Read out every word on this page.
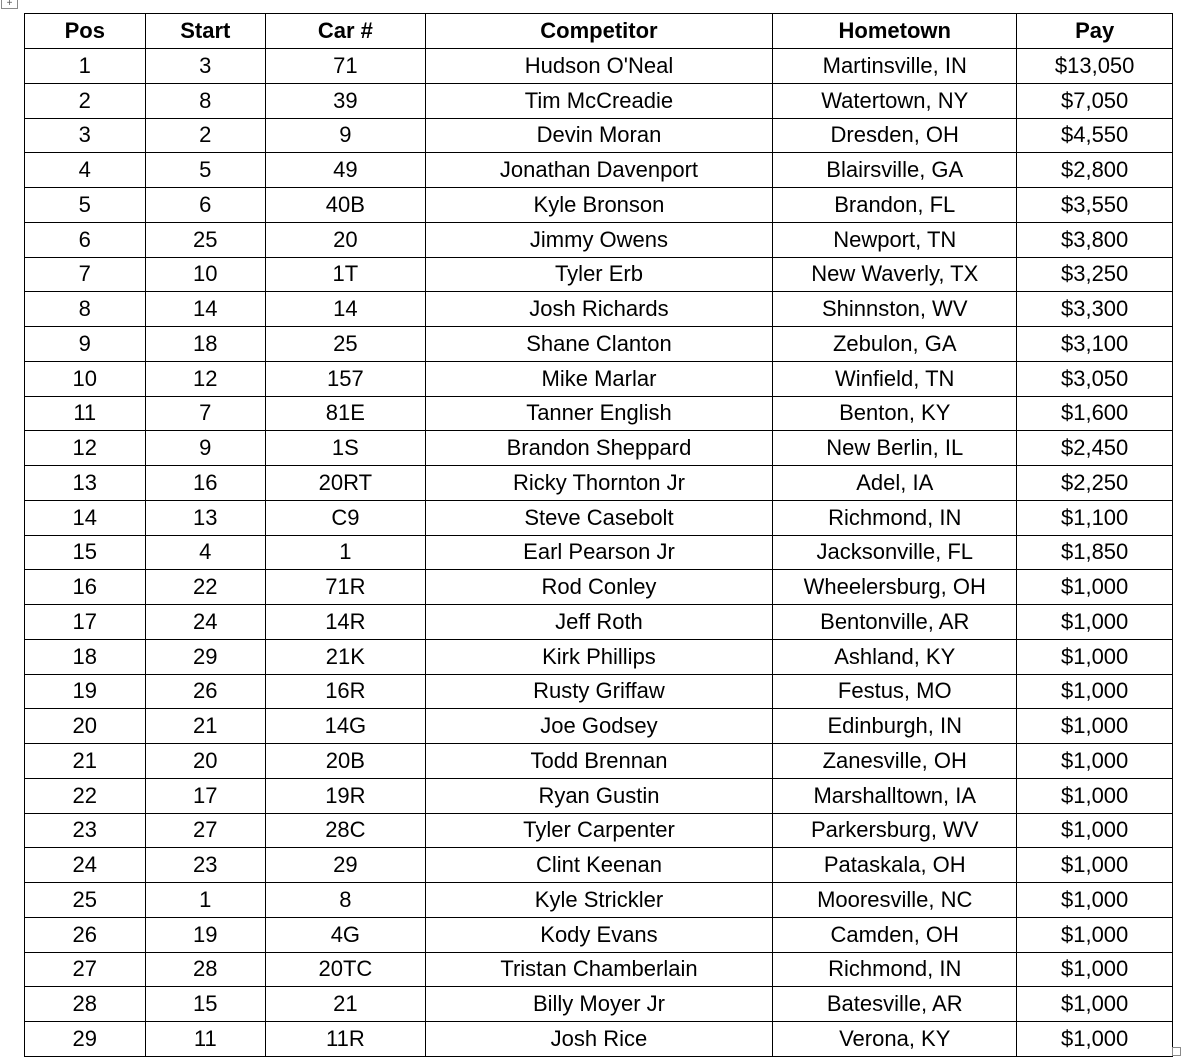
+
Pos	Start	Car #	Competitor	Hometown	Pay
1	3	71	Hudson O'Neal	Martinsville, IN	$13,050
2	8	39	Tim McCreadie	Watertown, NY	$7,050
3	2	9	Devin Moran	Dresden, OH	$4,550
4	5	49	Jonathan Davenport	Blairsville, GA	$2,800
5	6	40B	Kyle Bronson	Brandon, FL	$3,550
6	25	20	Jimmy Owens	Newport, TN	$3,800
7	10	1T	Tyler Erb	New Waverly, TX	$3,250
8	14	14	Josh Richards	Shinnston, WV	$3,300
9	18	25	Shane Clanton	Zebulon, GA	$3,100
10	12	157	Mike Marlar	Winfield, TN	$3,050
11	7	81E	Tanner English	Benton, KY	$1,600
12	9	1S	Brandon Sheppard	New Berlin, IL	$2,450
13	16	20RT	Ricky Thornton Jr	Adel, IA	$2,250
14	13	C9	Steve Casebolt	Richmond, IN	$1,100
15	4	1	Earl Pearson Jr	Jacksonville, FL	$1,850
16	22	71R	Rod Conley	Wheelersburg, OH	$1,000
17	24	14R	Jeff Roth	Bentonville, AR	$1,000
18	29	21K	Kirk Phillips	Ashland, KY	$1,000
19	26	16R	Rusty Griffaw	Festus, MO	$1,000
20	21	14G	Joe Godsey	Edinburgh, IN	$1,000
21	20	20B	Todd Brennan	Zanesville, OH	$1,000
22	17	19R	Ryan Gustin	Marshalltown, IA	$1,000
23	27	28C	Tyler Carpenter	Parkersburg, WV	$1,000
24	23	29	Clint Keenan	Pataskala, OH	$1,000
25	1	8	Kyle Strickler	Mooresville, NC	$1,000
26	19	4G	Kody Evans	Camden, OH	$1,000
27	28	20TC	Tristan Chamberlain	Richmond, IN	$1,000
28	15	21	Billy Moyer Jr	Batesville, AR	$1,000
29	11	11R	Josh Rice	Verona, KY	$1,000
